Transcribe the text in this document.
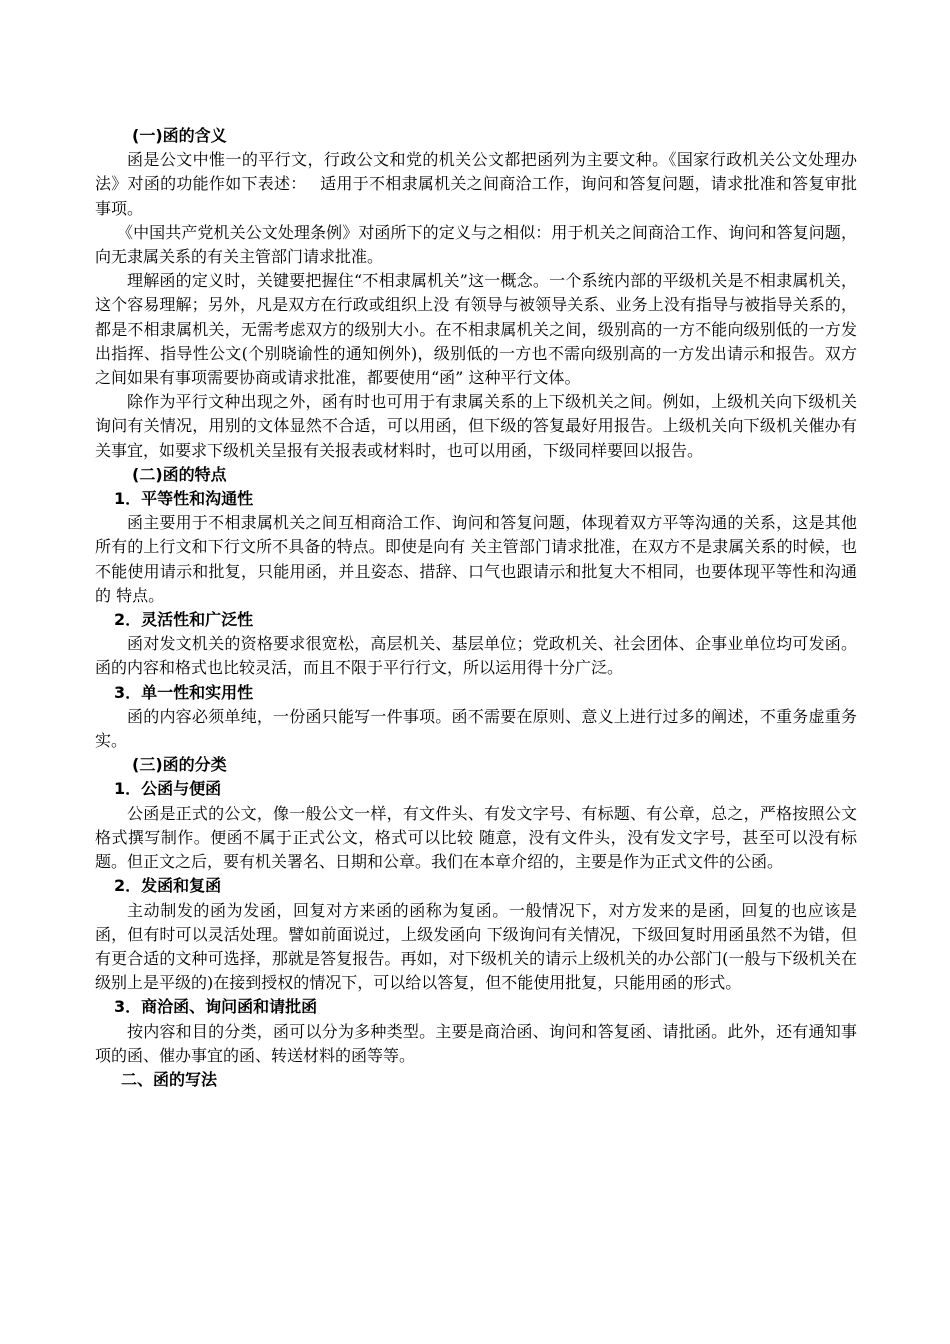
(一)函的含义

函是公文中惟一的平行文，行政公文和党的机关公文都把函列为主要文种。《国家行政机关公文处理办法》对函的功能作如下表述：　 适用于不相隶属机关之间商洽工作，询问和答复问题，请求批准和答复审批事项。

《中国共产党机关公文处理条例》对函所下的定义与之相似：用于机关之间商洽工作、询问和答复问题，向无隶属关系的有关主管部门请求批准。

理解函的定义时，关键要把握住“不相隶属机关”这一概念。一个系统内部的平级机关是不相隶属机关，这个容易理解；另外，凡是双方在行政或组织上没 有领导与被领导关系、业务上没有指导与被指导关系的，都是不相隶属机关，无需考虑双方的级别大小。在不相隶属机关之间，级别高的一方不能向级别低的一方发 出指挥、指导性公文(个别晓谕性的通知例外)，级别低的一方也不需向级别高的一方发出请示和报告。双方之间如果有事项需要协商或请求批准，都要使用“函” 这种平行文体。

除作为平行文种出现之外，函有时也可用于有隶属关系的上下级机关之间。例如，上级机关向下级机关询问有关情况，用别的文体显然不合适，可以用函，但下级的答复最好用报告。上级机关向下级机关催办有关事宜，如要求下级机关呈报有关报表或材料时，也可以用函，下级同样要回以报告。

(二)函的特点

1．平等性和沟通性

函主要用于不相隶属机关之间互相商洽工作、询问和答复问题，体现着双方平等沟通的关系，这是其他所有的上行文和下行文所不具备的特点。即使是向有 关主管部门请求批准，在双方不是隶属关系的时候，也不能使用请示和批复，只能用函，并且姿态、措辞、口气也跟请示和批复大不相同，也要体现平等性和沟通的 特点。

2．灵活性和广泛性

函对发文机关的资格要求很宽松，高层机关、基层单位；党政机关、社会团体、企事业单位均可发函。函的内容和格式也比较灵活，而且不限于平行行文，所以运用得十分广泛。

3．单一性和实用性

函的内容必须单纯，一份函只能写一件事项。函不需要在原则、意义上进行过多的阐述，不重务虚重务实。

(三)函的分类

1．公函与便函

公函是正式的公文，像一般公文一样，有文件头、有发文字号、有标题、有公章，总之，严格按照公文格式撰写制作。便函不属于正式公文，格式可以比较 随意，没有文件头，没有发文字号，甚至可以没有标题。但正文之后，要有机关署名、日期和公章。我们在本章介绍的，主要是作为正式文件的公函。

2．发函和复函

主动制发的函为发函，回复对方来函的函称为复函。一般情况下，对方发来的是函，回复的也应该是函，但有时可以灵活处理。譬如前面说过，上级发函向 下级询问有关情况，下级回复时用函虽然不为错，但有更合适的文种可选择，那就是答复报告。再如，对下级机关的请示上级机关的办公部门(一般与下级机关在 级别上是平级的)在接到授权的情况下，可以给以答复，但不能使用批复，只能用函的形式。

3．商洽函、询问函和请批函

按内容和目的分类，函可以分为多种类型。主要是商洽函、询问和答复函、请批函。此外，还有通知事项的函、催办事宜的函、转送材料的函等等。

二、函的写法
